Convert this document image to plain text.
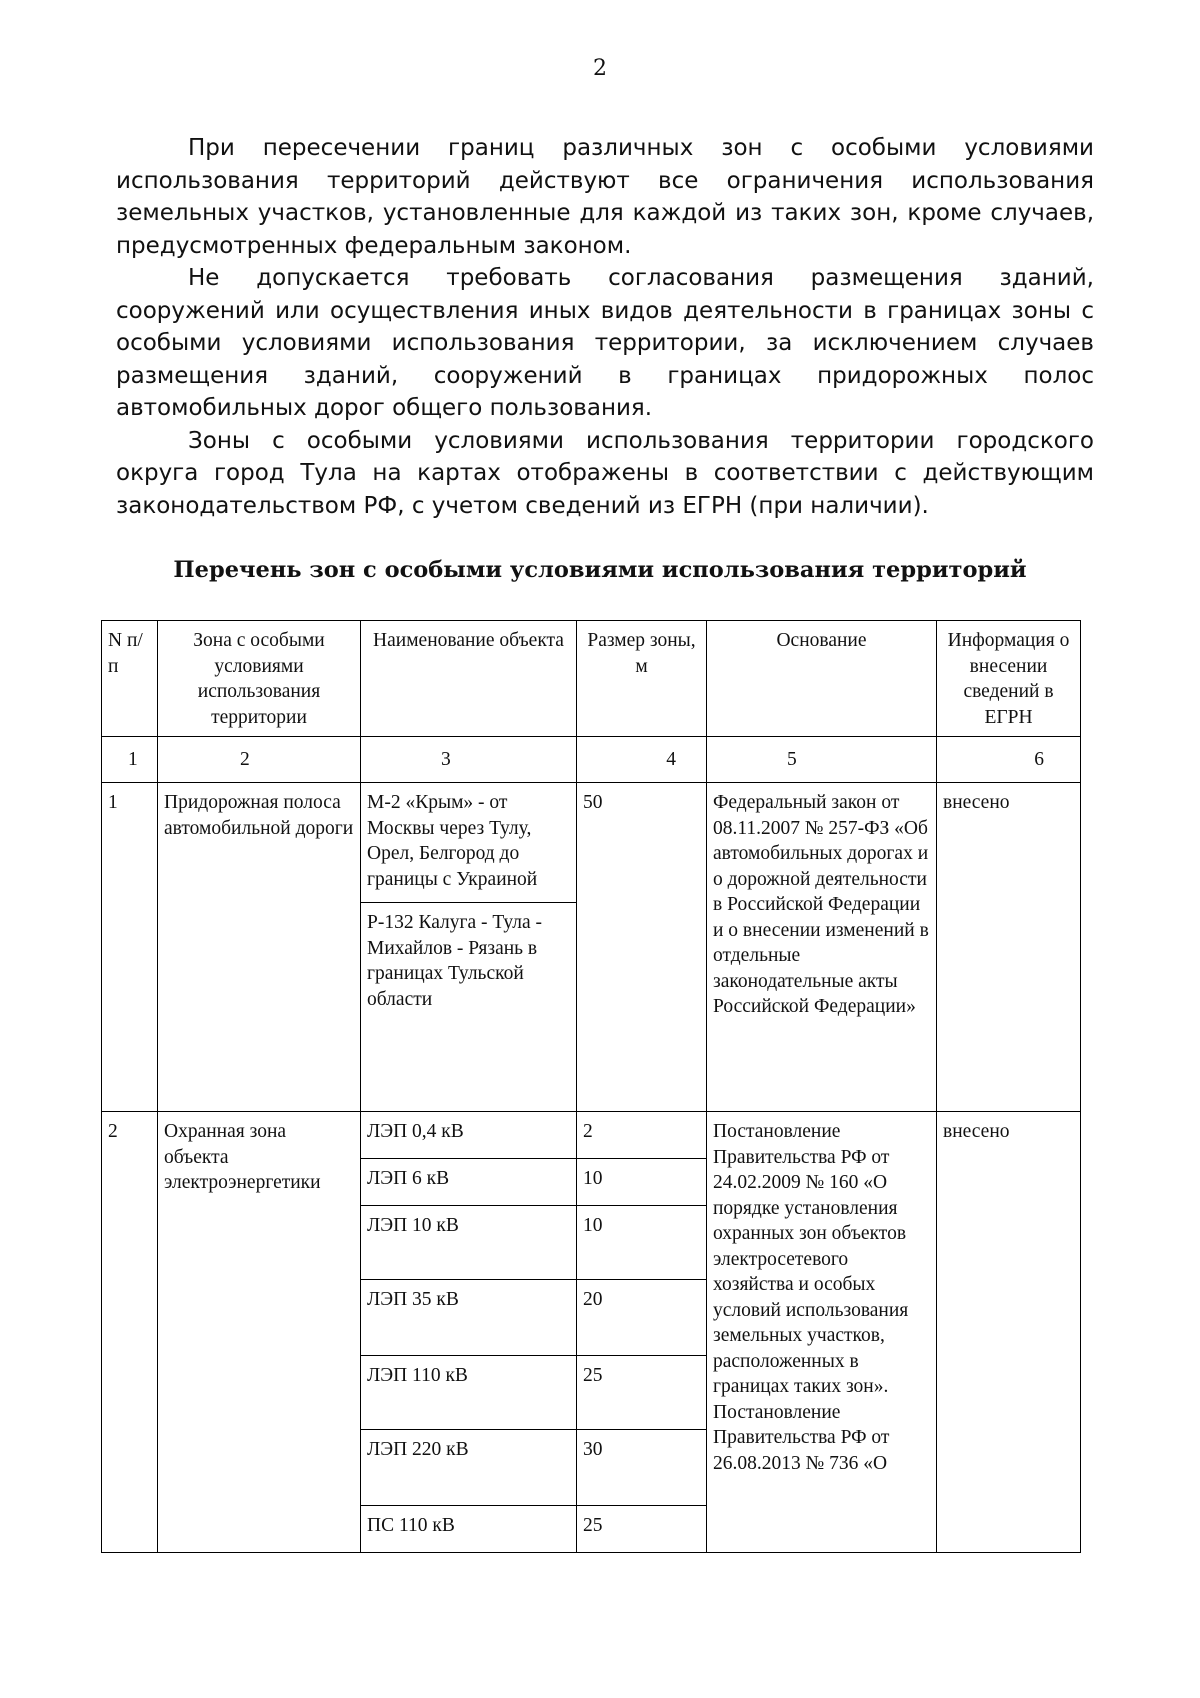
2

При пересечении границ различных зон с особыми условиями использования территорий действуют все ограничения использования земельных участков, установленные для каждой из таких зон, кроме случаев, предусмотренных федеральным законом.

Не допускается требовать согласования размещения зданий, сооружений или осуществления иных видов деятельности в границах зоны с особыми условиями использования территории, за исключением случаев размещения зданий, сооружений в границах придорожных полос автомобильных дорог общего пользования.

Зоны с особыми условиями использования территории городского округа город Тула на картах отображены в соответствии с действующим законодательством РФ, с учетом сведений из ЕГРН (при наличии).

Перечень зон с особыми условиями использования территорий
N п/п	Зона с особыми условиями использования территории	Наименование объекта	Размер зоны, м	Основание	Информация о внесении сведений в ЕГРН
1	2	3	4	5	6
1	Придорожная полоса автомобильной дороги	М-2 «Крым» - от Москвы через Тулу, Орел, Белгород до границы с Украиной	50	Федеральный закон от 08.11.2007 № 257-ФЗ «Об автомобильных дорогах и о дорожной деятельности в Российской Федерации и о внесении изменений в отдельные законодательные акты Российской Федерации»	внесено
		Р-132 Калуга - Тула - Михайлов - Рязань в границах Тульской области			
2	Охранная зона объекта электроэнергетики	ЛЭП 0,4 кВ	2	Постановление Правительства РФ от 24.02.2009 № 160 «О порядке установления охранных зон объектов электросетевого хозяйства и особых условий использования земельных участков, расположенных в границах таких зон». Постановление Правительства РФ от 26.08.2013 № 736 «О	внесено
		ЛЭП 6 кВ	10		
		ЛЭП 10 кВ	10		
		ЛЭП 35 кВ	20		
		ЛЭП 110 кВ	25		
		ЛЭП 220 кВ	30		
		ПС 110 кВ	25		
